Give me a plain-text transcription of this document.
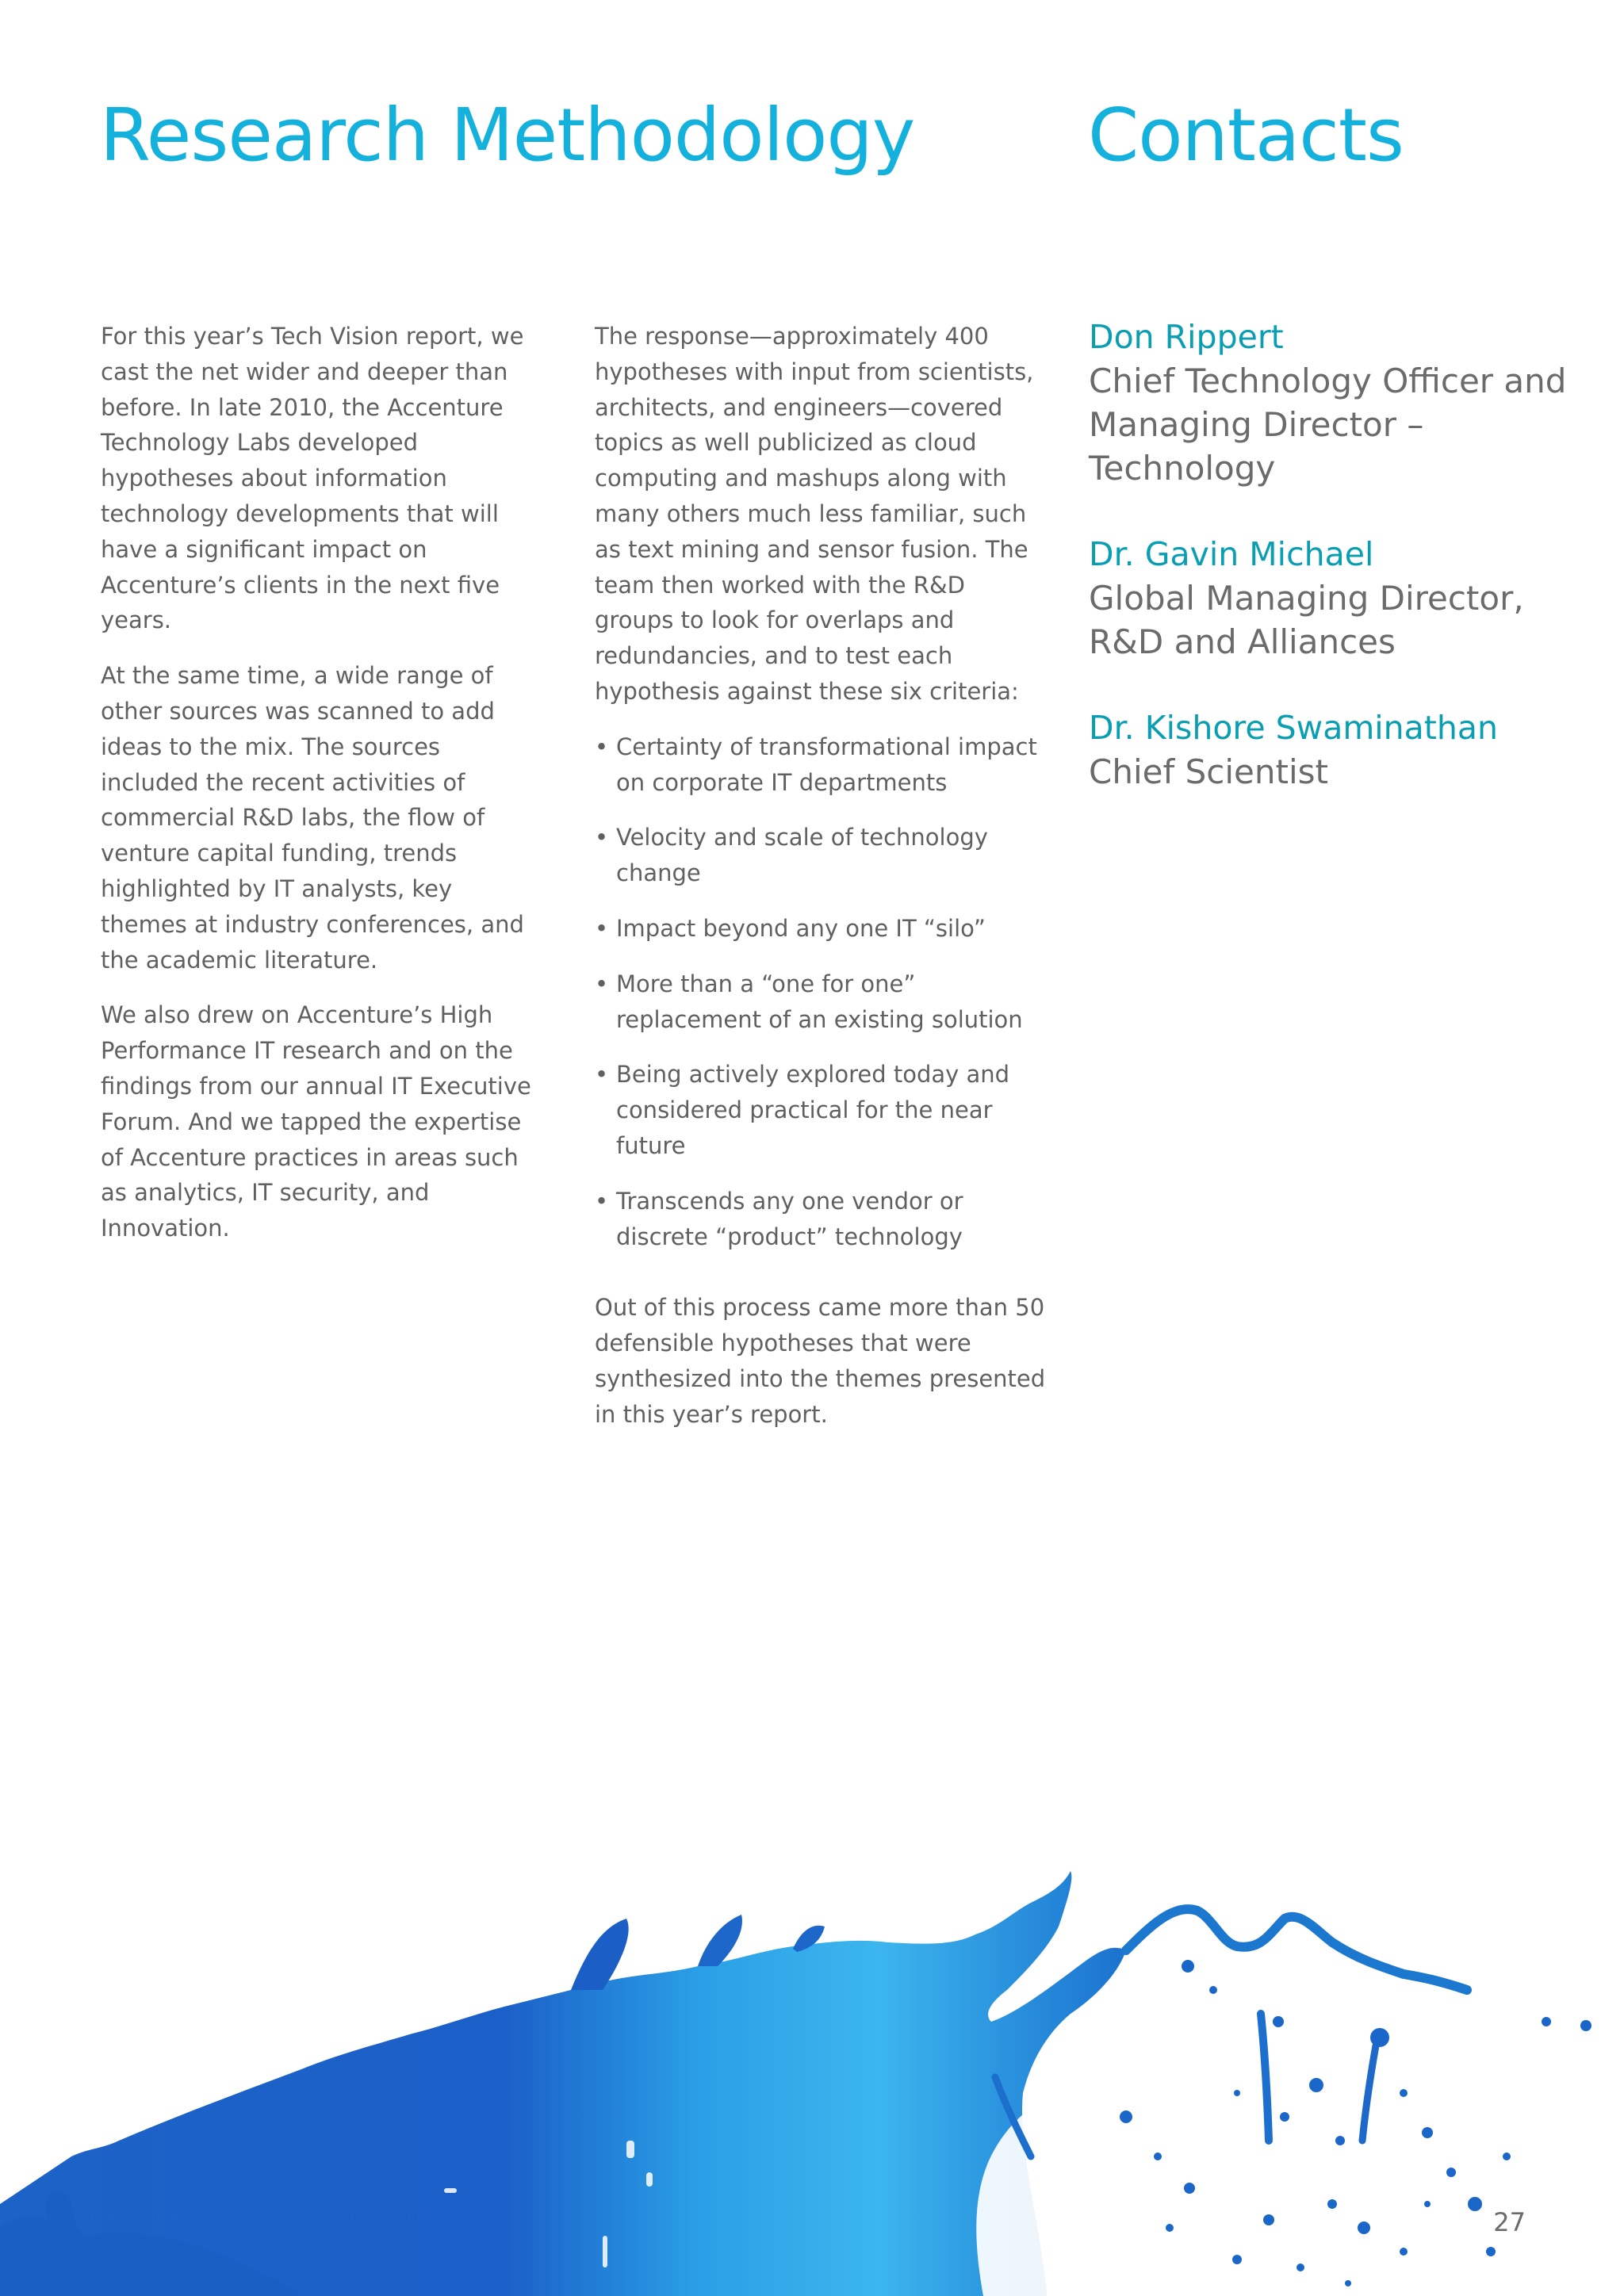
Research Methodology Contacts

For this year’s Tech Vision report, we cast the net wider and deeper than before. In late 2010, the Accenture Technology Labs developed hypotheses about information technology developments that will have a significant impact on Accenture’s clients in the next five years.

At the same time, a wide range of other sources was scanned to add ideas to the mix. The sources included the recent activities of commercial R&D labs, the flow of venture capital funding, trends highlighted by IT analysts, key themes at industry conferences, and the academic literature.

We also drew on Accenture’s High Performance IT research and on the findings from our annual IT Executive Forum. And we tapped the expertise of Accenture practices in areas such as analytics, IT security, and Innovation.

The response—approximately 400 hypotheses with input from scientists, architects, and engineers—covered topics as well publicized as cloud computing and mashups along with many others much less familiar, such as text mining and sensor fusion. The team then worked with the R&D groups to look for overlaps and redundancies, and to test each hypothesis against these six criteria:

• Certainty of transformational impact on corporate IT departments
• Velocity and scale of technology change
• Impact beyond any one IT “silo”
• More than a “one for one” replacement of an existing solution
• Being actively explored today and considered practical for the near future
• Transcends any one vendor or discrete “product” technology

Out of this process came more than 50 defensible hypotheses that were synthesized into the themes presented in this year’s report.

Don Rippert
Chief Technology Officer and Managing Director – Technology
Dr. Gavin Michael
Global Managing Director, R&D and Alliances
Dr. Kishore Swaminathan
Chief Scientist
27
